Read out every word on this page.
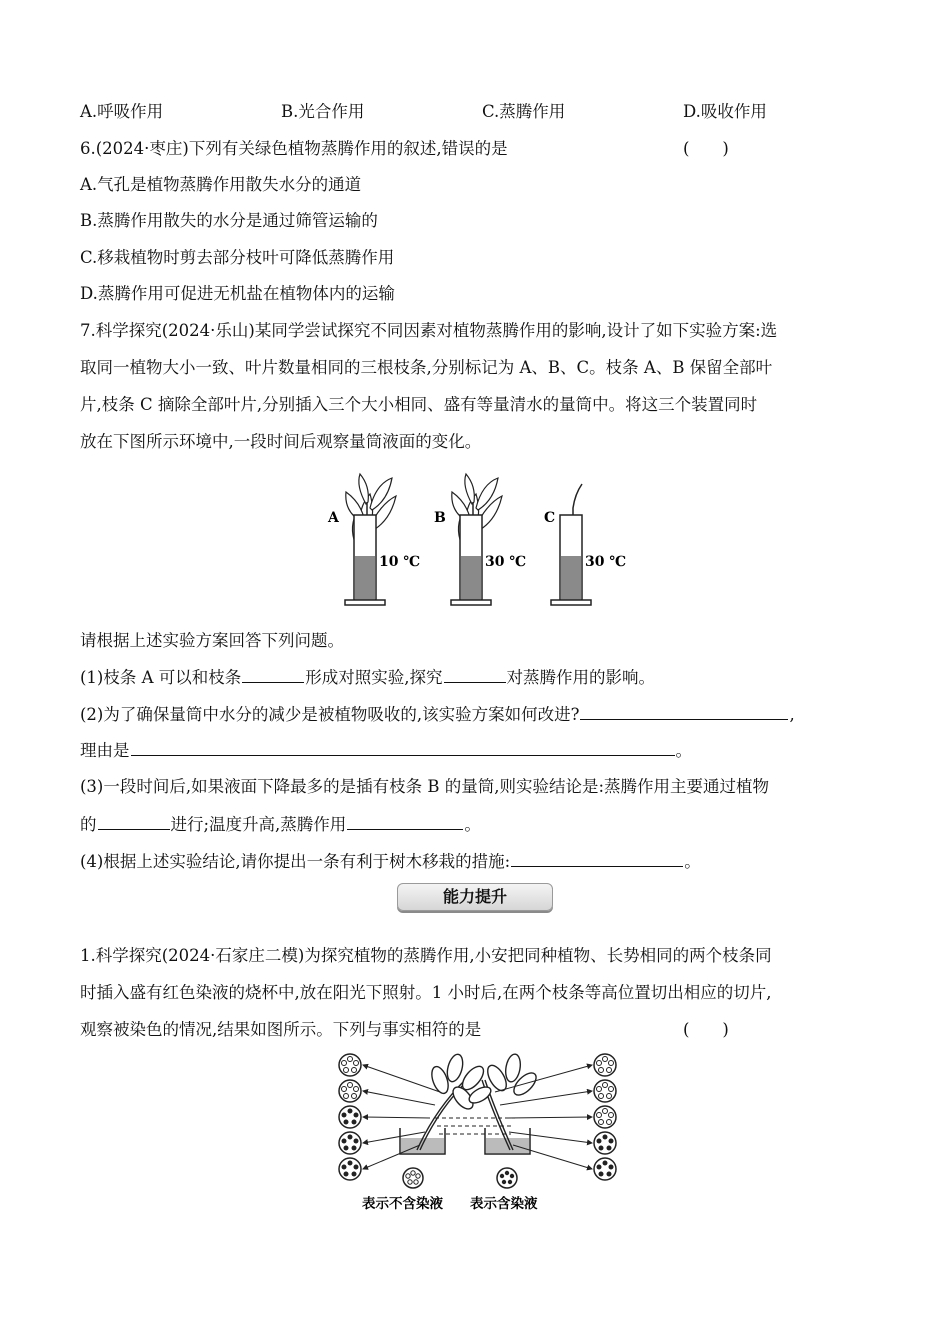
A.呼吸作用	B.光合作用	C.蒸腾作用	D.吸收作用
6.(2024·枣庄)下列有关绿色植物蒸腾作用的叙述,错误的是	(　　)
A.气孔是植物蒸腾作用散失水分的通道
B.蒸腾作用散失的水分是通过筛管运输的
C.移栽植物时剪去部分枝叶可降低蒸腾作用
D.蒸腾作用可促进无机盐在植物体内的运输
7.科学探究(2024·乐山)某同学尝试探究不同因素对植物蒸腾作用的影响,设计了如下实验方案:选
取同一植物大小一致、叶片数量相同的三根枝条,分别标记为 A、B、C。枝条 A、B 保留全部叶
片,枝条 C 摘除全部叶片,分别插入三个大小相同、盛有等量清水的量筒中。将这三个装置同时
放在下图所示环境中,一段时间后观察量筒液面的变化。
A
10 ℃
B
30 ℃
C
30 ℃
请根据上述实验方案回答下列问题。
(1)枝条 A 可以和枝条	形成对照实验,探究	对蒸腾作用的影响。
(2)为了确保量筒中水分的减少是被植物吸收的,该实验方案如何改进?	,
理由是	。
(3)一段时间后,如果液面下降最多的是插有枝条 B 的量筒,则实验结论是:蒸腾作用主要通过植物
的	进行;温度升高,蒸腾作用	。
(4)根据上述实验结论,请你提出一条有利于树木移栽的措施:	。
能力提升
1.科学探究(2024·石家庄二模)为探究植物的蒸腾作用,小安把同种植物、长势相同的两个枝条同
时插入盛有红色染液的烧杯中,放在阳光下照射。1 小时后,在两个枝条等高位置切出相应的切片,
观察被染色的情况,结果如图所示。下列与事实相符的是	(　　)
表示不含染液 表示含染液
